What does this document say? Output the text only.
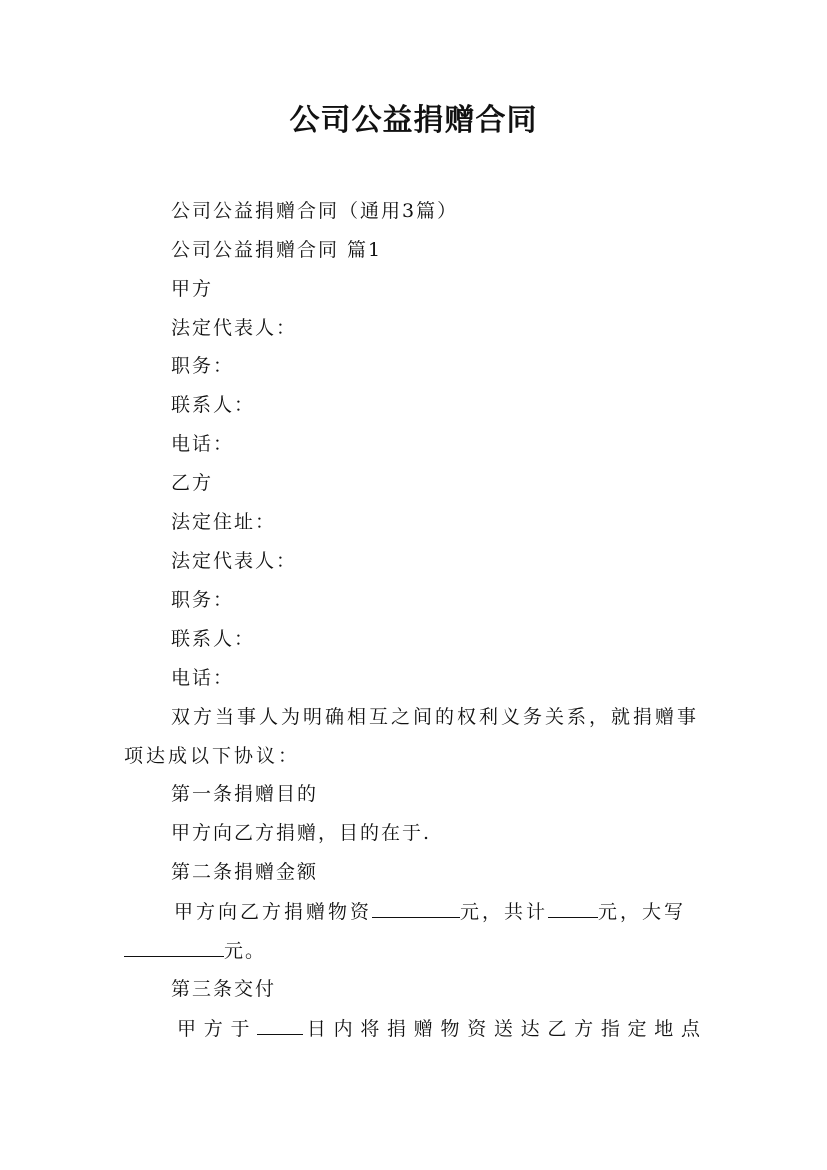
公司公益捐赠合同
公司公益捐赠合同（通用3篇）
公司公益捐赠合同 篇1
甲方
法定代表人：
职务：
联系人：
电话：
乙方
法定住址：
法定代表人：
职务：
联系人：
电话：
双方当事人为明确相互之间的权利义务关系，就捐赠事项达成以下协议：
第一条捐赠目的
甲方向乙方捐赠，目的在于.
第二条捐赠金额
甲方向乙方捐赠物资	元，共计	元，大写
元。
第三条交付
甲方于 日内将捐赠物资送达乙方指定地点
